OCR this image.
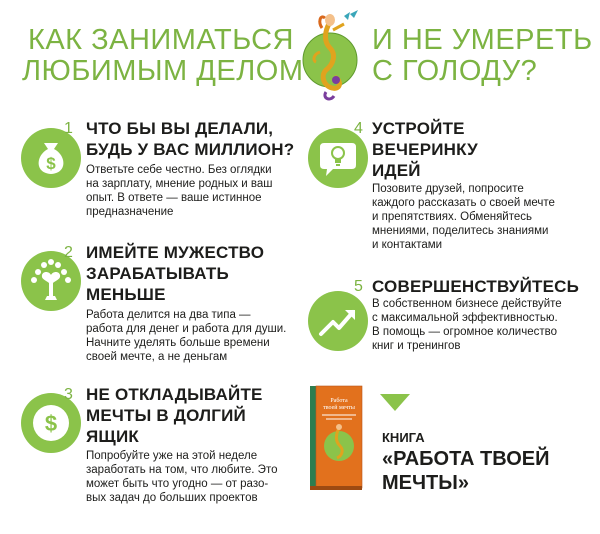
КАК ЗАНИМАТЬСЯ
ЛЮБИМЫМ ДЕЛОМ
И НЕ УМЕРЕТЬ
С ГОЛОДУ?
$
1 ЧТО БЫ ВЫ ДЕЛАЛИ,
БУДЬ У ВАС МИЛЛИОН?
Ответьте себе честно. Без оглядки
на зарплату, мнение родных и ваш
опыт. В ответе — ваше истинное
предназначение
2 ИМЕЙТЕ МУЖЕСТВО
ЗАРАБАТЫВАТЬ
МЕНЬШЕ
Работа делится на два типа —
работа для денег и работа для души.
Начните уделять больше времени
своей мечте, а не деньгам
$
3 НЕ ОТКЛАДЫВАЙТЕ
МЕЧТЫ В ДОЛГИЙ
ЯЩИК
Попробуйте уже на этой неделе
заработать на том, что любите. Это
может быть что угодно — от разо-
вых задач до больших проектов
4 УСТРОЙТЕ
ВЕЧЕРИНКУ
ИДЕЙ
Позовите друзей, попросите
каждого рассказать о своей мечте
и препятствиях. Обменяйтесь
мнениями, поделитесь знаниями
и контактами
5 СОВЕРШЕНСТВУЙТЕСЬ
В собственном бизнесе действуйте
с максимальной эффективностью.
В помощь — огромное количество
книг и тренингов
Работа
твоей мечты
КНИГА
«РАБОТА ТВОЕЙ
МЕЧТЫ»
